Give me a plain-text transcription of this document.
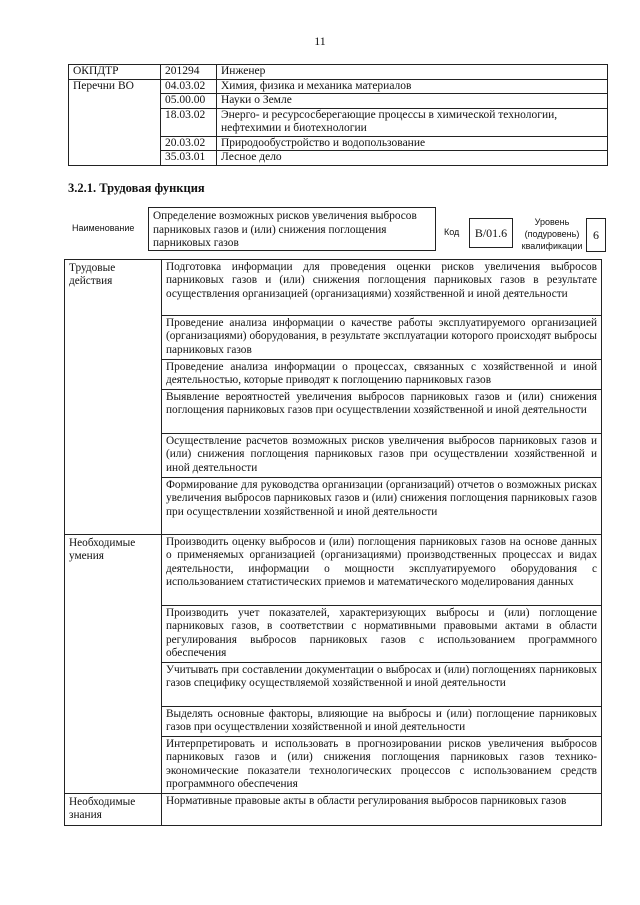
11
ОКПДТР	201294	Инженер
Перечни ВО	04.03.02	Химия, физика и механика материалов
	05.00.00	Науки о Земле
	18.03.02	Энерго- и ресурсосберегающие процессы в химической технологии, нефтехимии и биотехнологии
	20.03.02	Природообустройство и водопользование
	35.03.01	Лесное дело
3.2.1. Трудовая функция
Наименование
Определение возможных рисков увеличения выбросов парниковых газов и (или) снижения поглощения парниковых газов
Код	B/01.6
Уровень
(подуровень)
квалификации
6
Трудовые действия	Подготовка информации для проведения оценки рисков увеличения выбросов парниковых газов и (или) снижения поглощения парниковых газов в результате осуществления организацией (организациями) хозяйственной и иной деятельности
	Проведение анализа информации о качестве работы эксплуатируемого организацией (организациями) оборудования, в результате эксплуатации которого происходят выбросы парниковых газов
	Проведение анализа информации о процессах, связанных с хозяйственной и иной деятельностью, которые приводят к поглощению парниковых газов
	Выявление вероятностей увеличения выбросов парниковых газов и (или) снижения поглощения парниковых газов при осуществлении хозяйственной и иной деятельности
	Осуществление расчетов возможных рисков увеличения выбросов парниковых газов и (или) снижения поглощения парниковых газов при осуществлении хозяйственной и иной деятельности
	Формирование для руководства организации (организаций) отчетов о возможных рисках увеличения выбросов парниковых газов и (или) снижения поглощения парниковых газов при осуществлении хозяйственной и иной деятельности
Необходимые умения	Производить оценку выбросов и (или) поглощения парниковых газов на основе данных о применяемых организацией (организациями) производственных процессах и видах деятельности, информации о мощности эксплуатируемого оборудования с использованием статистических приемов и математического моделирования данных
	Производить учет показателей, характеризующих выбросы и (или) поглощение парниковых газов, в соответствии с нормативными правовыми актами в области регулирования выбросов парниковых газов с использованием программного обеспечения
	Учитывать при составлении документации о выбросах и (или) поглощениях парниковых газов специфику осуществляемой хозяйственной и иной деятельности
	Выделять основные факторы, влияющие на выбросы и (или) поглощение парниковых газов при осуществлении хозяйственной и иной деятельности
	Интерпретировать и использовать в прогнозировании рисков увеличения выбросов парниковых газов и (или) снижения поглощения парниковых газов технико-экономические показатели технологических процессов с использованием средств программного обеспечения
Необходимые знания	Нормативные правовые акты в области регулирования выбросов парниковых газов
